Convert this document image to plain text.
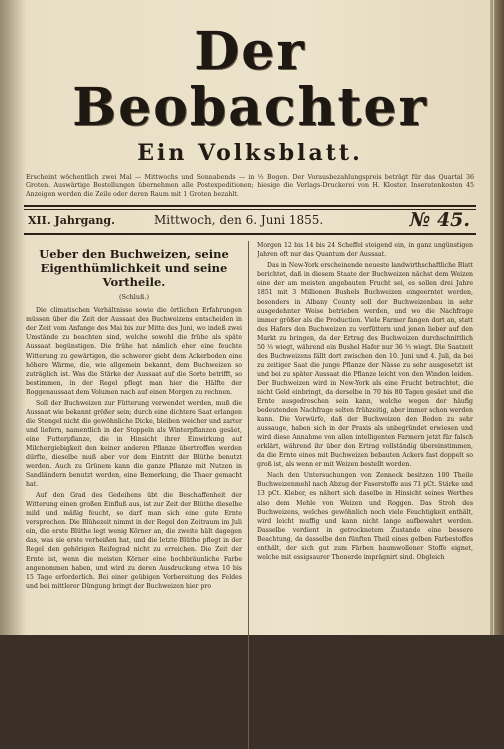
Der Beobachter
Ein Volksblatt.
Erscheint wöchentlich zwei Mal — Mittwochs und Sonnabends — in ½ Bogen. Der Vorausbezahlungspreis beträgt für das Quartal 36 Groten. Auswärtige Bestellungen übernehmen alle Postexpeditionen; hiesige die Verlags-Druckerei von H. Kloster. Inseratenkosten 45 Anzeigen werden die Zeile oder deren Raum mit 1 Groten bezahlt.
XII. Jahrgang.	Mittwoch, den 6. Juni 1855.	№ 45.
Ueber den Buchweizen, seine Eigenthümlichkeit und seine Vortheile.
(Schluß.)

Die climatischen Verhältnisse sowie die örtlichen Erfahrungen müssen über die Zeit der Aussaat des Buchweizens entscheiden in der Zeit vom Anfange des Mai bis zur Mitte des Juni, wo indeß zwei Umstände zu beachten sind, welche sowohl die frühe als späte Aussaat begünstigen. Die frühe hat nämlich eher eine feuchte Witterung zu gewärtigen, die schwerer giebt dem Ackerboden eine höhere Wärme, die, wie allgemein bekannt, dem Buchweizen so zuträglich ist. Was die Stärke der Aussaat auf die Sorte betrifft, so bestimmen, in der Regel pflegt man hier die Hälfte der Roggenaussaat dem Volumen nach auf einen Morgen zu rechnen.

Soll der Buchweizen zur Fütterung verwendet werden, muß die Aussaat wie bekannt größer sein; durch eine dichtere Saat erlangen die Stengel nicht die gewöhnliche Dicke, bleiben weicher und zarter und liefern, namentlich in der Stoppeln als Winterpflanzen gesäet, eine Futterpflanze, die in Hinsicht ihrer Einwirkung auf Milchergiebigkeit den keiner anderen Pflanze übertroffen werden dürfte, dieselbe muß aber vor dem Eintritt der Blüthe benutzt werden. Auch zu Grünem kann die ganze Pflanze mit Nutzen in Sandländern benutzt werden, eine Bemerkung, die Thaer gemacht hat.

Auf den Grad des Gedeihens übt die Beschaffenheit der Witterung einen großen Einfluß aus, ist zur Zeit der Blüthe dieselbe mild und mäßig feucht, so darf man sich eine gute Ernte versprechen. Die Blühezeit nimmt in der Regel den Zeitraum im Juli ein, die erste Blüthe legt wenig Körner an, die zweite hält dagegen das, was sie erste verheißen hat, und die letzte Blüthe pflegt in der Regel den gehörigen Reifegrad nicht zu erreichen. Die Zeit der Ernte ist, wenn die meisten Körner eine hochbräunliche Farbe angenommen haben, und wird zu deren Ausdruckung etwa 10 bis 15 Tage erforderlich. Bei einer geübigen Vorbereitung des Feldes und bei mittlerer Düngung bringt der Buchweizen hier pro

Morgen 12 bis 14 bis 24 Scheffel steigend ein, in ganz ungünstigen Jahren oft nur das Quantum der Aussaat.

Das in New-York erscheinende neueste landwirthschaftliche Blatt berichtet, daß in diesem Staate der Buchweizen nächst dem Weizen eine der am meisten angebauten Frucht sei, es sollen drei Jahre 1851 mit 3 Millionen Bushels Buchweizen eingeerntet werden, besonders in Albany County soll der Buchweizenbau in sehr ausgedehnter Weise betrieben werden, und wo die Nachfrage immer größer als die Production. Viele Farmer fangen dort an, statt des Hafers den Buchweizen zu verfüttern und jenen lieber auf den Markt zu bringen, da der Ertrag des Buchweizen durchschnittlich 50 ⅓ wiegt, während ein Bushel Hafer nur 36 ⅓ wiegt. Die Saatzeit des Buchweizens fällt dort zwischen den 10. Juni und 4. Juli, da bei zu zeitiger Saat die junge Pflanze der Nässe zu sehr ausgesetzt ist und bei zu später Aussaat die Pflanze leicht von den Winden leiden. Der Buchweizen wird in New-York als eine Frucht betrachtet, die nicht Geld einbringt, da derselbe in 70 bis 80 Tagen gesäet und die Ernte ausgedroschen sein kann, welche wegen der häufig bedeutenden Nachfrage selten frühzeitig, aber immer schon werden kann. Die Vorwürfe, daß der Buchweizen den Boden zu sehr aussauge, haben sich in der Praxis als unbegründet erwiesen und wird diese Annahme von allen intelligenten Farmern jetzt für falsch erklärt, während ihr über den Ertrag vollständig übereinstimmen, da die Ernte eines mit Buchweizen bebauten Ackers fast doppelt so groß ist, als wenn er mit Weizen bestellt worden.

Nach den Untersuchungen von Zenneck besitzen 100 Theile Buchweizenmehl nach Abzug der Faserstoffe aus 71 pCt. Stärke und 13 pCt. Kleber, es nähert sich daselbe in Hinsicht seines Werthes also dem Mehle von Weizen und Roggen. Das Stroh des Buchweizens, welches gewöhnlich noch viele Feuchtigkeit enthält, wird leicht muffig und kann nicht lange aufbewahrt werden. Dasselbe verdient in getrocknetem Zustande eine bessere Beachtung, da dasselbe den fünften Theil eines gelben Farbestoffes enthält, der sich gut zum Färben baumwollener Stoffe eignet, welche mit essigsaurer Thonerde imprägnirt sind. Obgleich
